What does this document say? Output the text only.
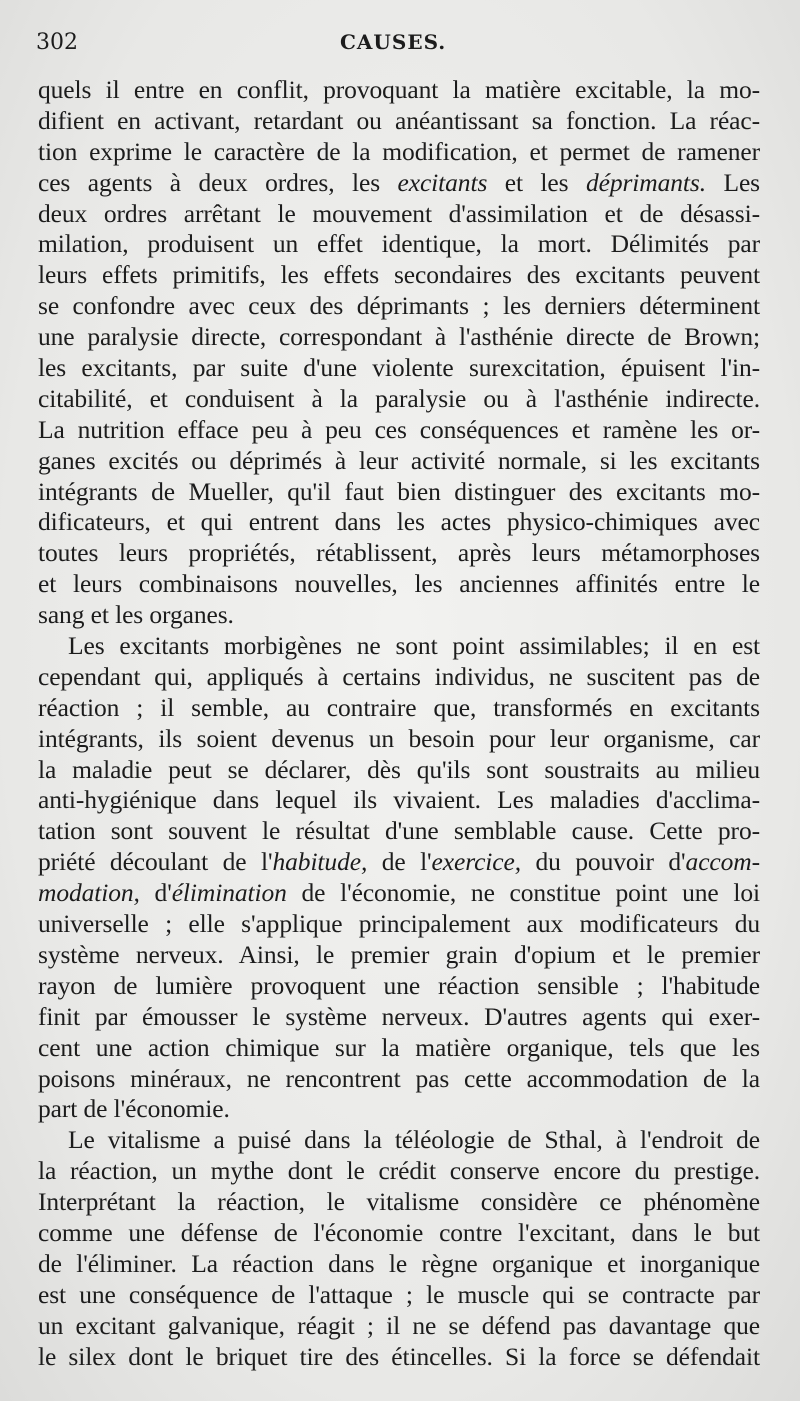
302	CAUSES.
quels il entre en conflit, provoquant la matière excitable, la mo-
difient en activant, retardant ou anéantissant sa fonction. La réac-
tion exprime le caractère de la modification, et permet de ramener
ces agents à deux ordres, les excitants et les déprimants. Les
deux ordres arrêtant le mouvement d'assimilation et de désassi-
milation, produisent un effet identique, la mort. Délimités par
leurs effets primitifs, les effets secondaires des excitants peuvent
se confondre avec ceux des déprimants ; les derniers déterminent
une paralysie directe, correspondant à l'asthénie directe de Brown;
les excitants, par suite d'une violente surexcitation, épuisent l'in-
citabilité, et conduisent à la paralysie ou à l'asthénie indirecte.
La nutrition efface peu à peu ces conséquences et ramène les or-
ganes excités ou déprimés à leur activité normale, si les excitants
intégrants de Mueller, qu'il faut bien distinguer des excitants mo-
dificateurs, et qui entrent dans les actes physico-chimiques avec
toutes leurs propriétés, rétablissent, après leurs métamorphoses
et leurs combinaisons nouvelles, les anciennes affinités entre le
sang et les organes.
Les excitants morbigènes ne sont point assimilables; il en est
cependant qui, appliqués à certains individus, ne suscitent pas de
réaction ; il semble, au contraire que, transformés en excitants
intégrants, ils soient devenus un besoin pour leur organisme, car
la maladie peut se déclarer, dès qu'ils sont soustraits au milieu
anti-hygiénique dans lequel ils vivaient. Les maladies d'acclima-
tation sont souvent le résultat d'une semblable cause. Cette pro-
priété découlant de l'habitude, de l'exercice, du pouvoir d'accom-
modation, d'élimination de l'économie, ne constitue point une loi
universelle ; elle s'applique principalement aux modificateurs du
système nerveux. Ainsi, le premier grain d'opium et le premier
rayon de lumière provoquent une réaction sensible ; l'habitude
finit par émousser le système nerveux. D'autres agents qui exer-
cent une action chimique sur la matière organique, tels que les
poisons minéraux, ne rencontrent pas cette accommodation de la
part de l'économie.
Le vitalisme a puisé dans la téléologie de Sthal, à l'endroit de
la réaction, un mythe dont le crédit conserve encore du prestige.
Interprétant la réaction, le vitalisme considère ce phénomène
comme une défense de l'économie contre l'excitant, dans le but
de l'éliminer. La réaction dans le règne organique et inorganique
est une conséquence de l'attaque ; le muscle qui se contracte par
un excitant galvanique, réagit ; il ne se défend pas davantage que
le silex dont le briquet tire des étincelles. Si la force se défendait
